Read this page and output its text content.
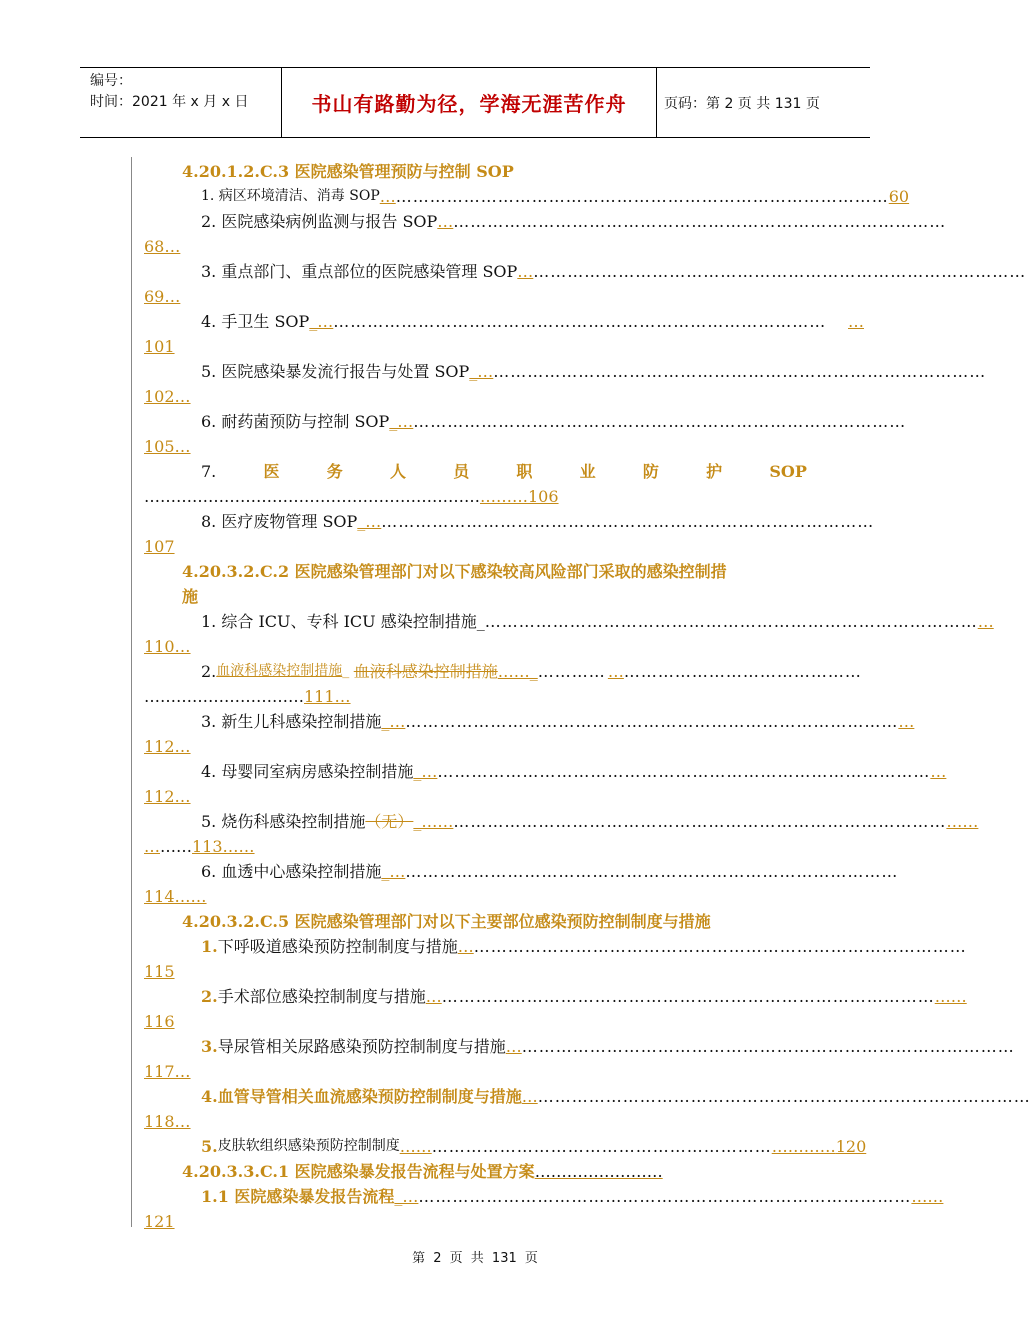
编号：
时间：2021 年 x 月 x 日	书山有路勤为径，学海无涯苦作舟	页码：第 2 页 共 131 页
4.20.1.2.C.3 医院感染管理预防与控制 SOP
1. 病区环境清洁、消毒 SOP … …………………………………………………………………………… 60
2. 医院感染病例监测与报告 SOP … ……………………………………………………………………………
68…
3. 重点部门、重点部位的医院感染管理 SOP … ……………………………………………………………………………
69…
4. 手卫生 SOP _… ……………………………………………………………………………	…
101
5. 医院感染暴发流行报告与处置 SOP _… ……………………………………………………………………………
102…
6. 耐药菌预防与控制 SOP _… ……………………………………………………………………………
105…
7.	医	务	人	员	职	业	防	护	SOP
………………………………………………………………106
8. 医疗废物管理 SOP _… ……………………………………………………………………………
107
4.20.3.2.C.2 医院感染管理部门对以下感染较高风险部门采取的感染控制措
施
1. 综合 ICU、专科 ICU 感染控制措施 _ …………………………………………………………………………… …
110…
2. 血液科感染控制措施 _ 血液科感染控制措施 ……_ ………… … ……………………………………
…………………………111…
3. 新生儿科感染控制措施 _… …………………………………………………………………………… …
112…
4. 母婴同室病房感染控制措施 _… …………………………………………………………………………… …
112…
5. 烧伤科感染控制措施 （无） _…… …………………………………………………………………………… ……
………113……
6. 血透中心感染控制措施 _… ……………………………………………………………………………
114……
4.20.3.2.C.5 医院感染管理部门对以下主要部位感染预防控制制度与措施
1. 下呼吸道感染预防控制制度与措施 … ……………………………………………………………………………
115
2. 手术部位感染控制制度与措施 … …………………………………………………………………………… ……
116
3. 导尿管相关尿路感染预防控制制度与措施 … ……………………………………………………………………………
117…
4.血管导管相关血流感染预防控制制度与措施 … ……………………………………………………………………………
118…
5. 皮肤软组织感染预防控制制度 …… …………………………………………………… ………… 120
4.20.3.3.C.1 医院感染暴发报告流程与处置方案……………………
1.1 医院感染暴发报告流程 _… …………………………………………………………………………… ……
121
第 2 页 共 131 页
